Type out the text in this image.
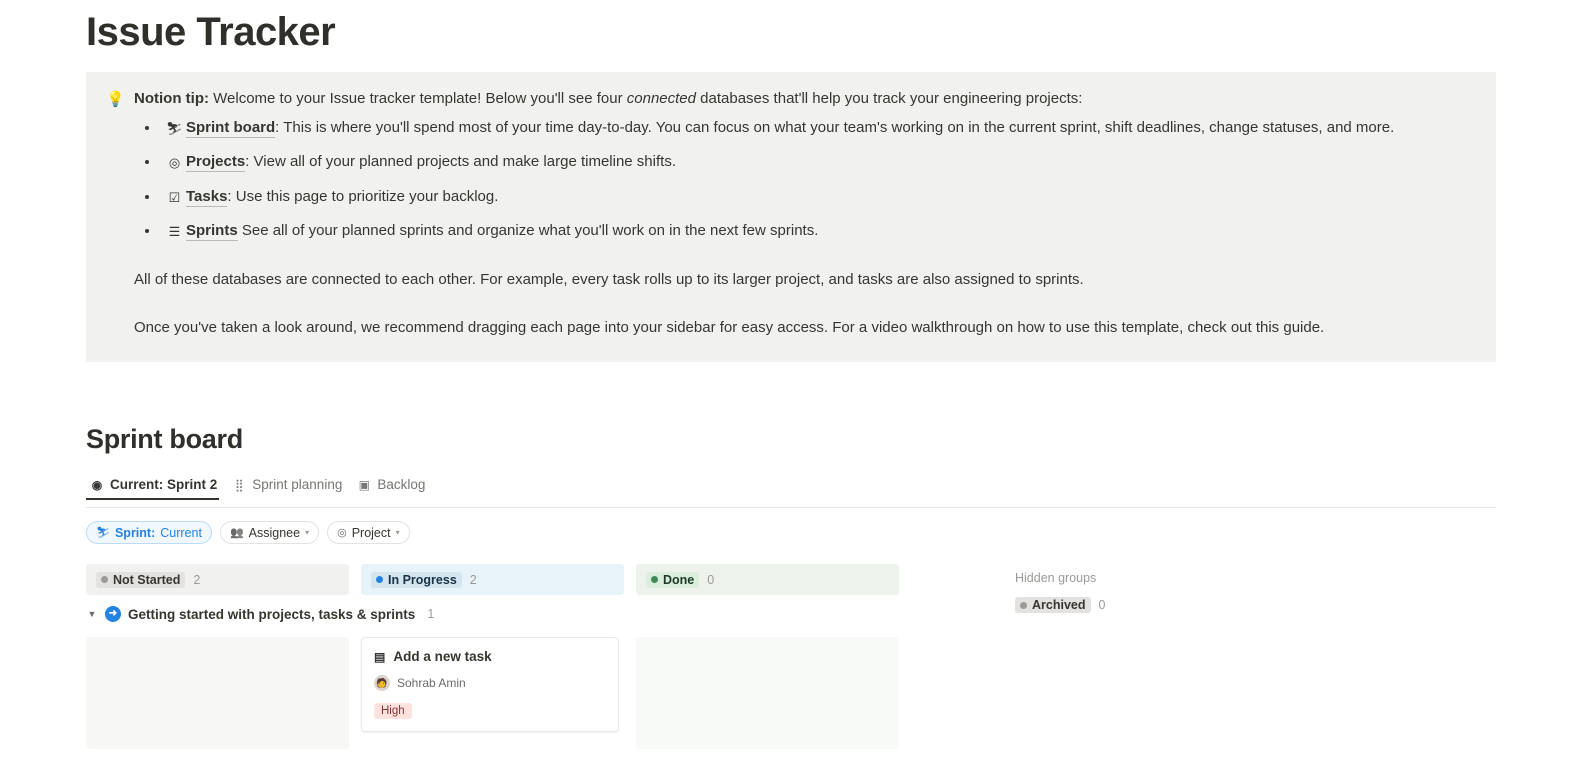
Issue Tracker
💡 Notion tip: Welcome to your Issue tracker template! Below you'll see four connected databases that'll help you track your engineering projects:

• ⛷ Sprint board: This is where you'll spend most of your time day-to-day. You can focus on what your team's working on in the current sprint, shift deadlines, change statuses, and more.
• ◎ Projects: View all of your planned projects and make large timeline shifts.
• ☑ Tasks: Use this page to prioritize your backlog.
• ☰ Sprints See all of your planned sprints and organize what you'll work on in the next few sprints.

All of these databases are connected to each other. For example, every task rolls up to its larger project, and tasks are also assigned to sprints.

Once you've taken a look around, we recommend dragging each page into your sidebar for easy access. For a video walkthrough on how to use this template, check out this guide.

Sprint board
◉ Current: Sprint 2 ⣿ Sprint planning ▣ Backlog
⛷ Sprint: Current	👥 Assignee ▾	◎ Project ▾
Not Started 2	In Progress 2	Done 0	Hidden groups
Archived 0
▼	➜ Getting started with projects, tasks & sprints 1
▤ Add a new task
🧑 Sohrab Amin
High
